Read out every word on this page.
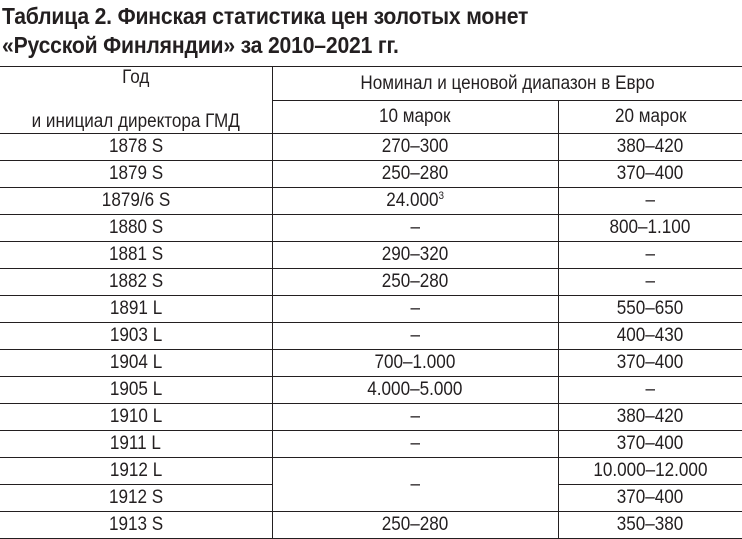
Таблица 2. Финская статистика цен золотых монет
«Русской Финляндии» за 2010–2021 гг.
Год

и инициал директора ГМД	Номинал и ценовой диапазон в Евро	
	10 марок	20 марок
1878 S	270–300	380–420
1879 S	250–280	370–400
1879/6 S	24.000$^3$	–
1880 S	–	800–1.100
1881 S	290–320	–
1882 S	250–280	–
1891 L	–	550–650
1903 L	–	400–430
1904 L	700–1.000	370–400
1905 L	4.000–5.000	–
1910 L	–	380–420
1911 L	–	370–400
1912 L	–	10.000–12.000
1912 S		370–400
1913 S	250–280	350–380
